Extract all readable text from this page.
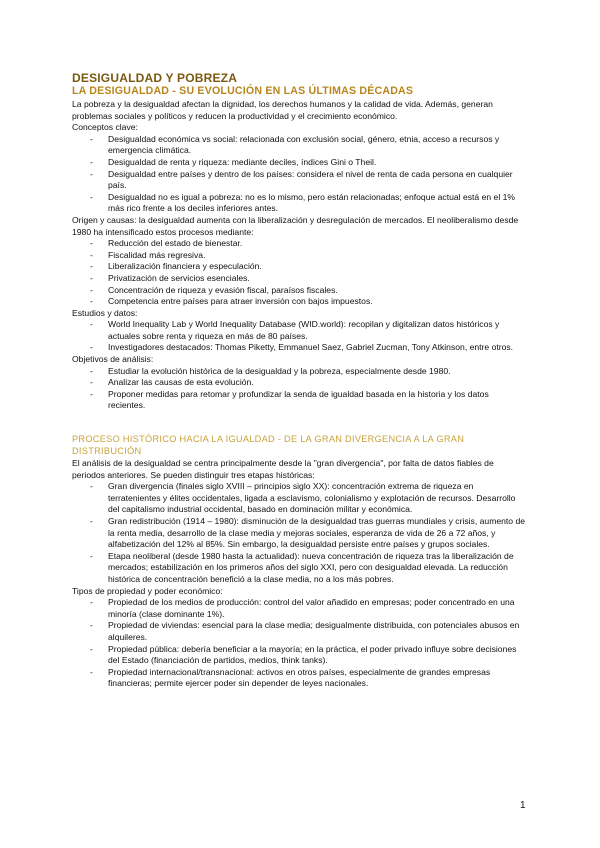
DESIGUALDAD Y POBREZA
LA DESIGUALDAD - SU EVOLUCIÓN EN LAS ÚLTIMAS DÉCADAS

La pobreza y la desigualdad afectan la dignidad, los derechos humanos y la calidad de vida. Además, generan problemas sociales y políticos y reducen la productividad y el crecimiento económico.

Conceptos clave:

- Desigualdad económica vs social: relacionada con exclusión social, género, etnia, acceso a recursos y emergencia climática.
- Desigualdad de renta y riqueza: mediante deciles, índices Gini o Theil.
- Desigualdad entre países y dentro de los países: considera el nivel de renta de cada persona en cualquier país.
- Desigualdad no es igual a pobreza: no es lo mismo, pero están relacionadas; enfoque actual está en el 1% más rico frente a los deciles inferiores antes.

Origen y causas: la desigualdad aumenta con la liberalización y desregulación de mercados. El neoliberalismo desde 1980 ha intensificado estos procesos mediante:

- Reducción del estado de bienestar.
- Fiscalidad más regresiva.
- Liberalización financiera y especulación.
- Privatización de servicios esenciales.
- Concentración de riqueza y evasión fiscal, paraísos fiscales.
- Competencia entre países para atraer inversión con bajos impuestos.

Estudios y datos:

- World Inequality Lab y World Inequality Database (WID.world): recopilan y digitalizan datos históricos y actuales sobre renta y riqueza en más de 80 países.
- Investigadores destacados: Thomas Piketty, Emmanuel Saez, Gabriel Zucman, Tony Atkinson, entre otros.

Objetivos de análisis:

- Estudiar la evolución histórica de la desigualdad y la pobreza, especialmente desde 1980.
- Analizar las causas de esta evolución.
- Proponer medidas para retomar y profundizar la senda de igualdad basada en la historia y los datos recientes.
PROCESO HISTÓRICO HACIA LA IGUALDAD - DE LA GRAN DIVERGENCIA A LA GRAN DISTRIBUCIÓN

El análisis de la desigualdad se centra principalmente desde la "gran divergencia", por falta de datos fiables de periodos anteriores. Se pueden distinguir tres etapas históricas:

- Gran divergencia (finales siglo XVIII – principios siglo XX): concentración extrema de riqueza en terratenientes y élites occidentales, ligada a esclavismo, colonialismo y explotación de recursos. Desarrollo del capitalismo industrial occidental, basado en dominación militar y económica.
- Gran redistribución (1914 – 1980): disminución de la desigualdad tras guerras mundiales y crisis, aumento de la renta media, desarrollo de la clase media y mejoras sociales, esperanza de vida de 26 a 72 años, y alfabetización del 12% al 85%. Sin embargo, la desigualdad persiste entre países y grupos sociales.
- Etapa neoliberal (desde 1980 hasta la actualidad): nueva concentración de riqueza tras la liberalización de mercados; estabilización en los primeros años del siglo XXI, pero con desigualdad elevada. La reducción histórica de concentración benefició a la clase media, no a los más pobres.

Tipos de propiedad y poder económico:

- Propiedad de los medios de producción: control del valor añadido en empresas; poder concentrado en una minoría (clase dominante 1%).
- Propiedad de viviendas: esencial para la clase media; desigualmente distribuida, con potenciales abusos en alquileres.
- Propiedad pública: debería beneficiar a la mayoría; en la práctica, el poder privado influye sobre decisiones del Estado (financiación de partidos, medios, think tanks).
- Propiedad internacional/transnacional: activos en otros países, especialmente de grandes empresas financieras; permite ejercer poder sin depender de leyes nacionales.
1
